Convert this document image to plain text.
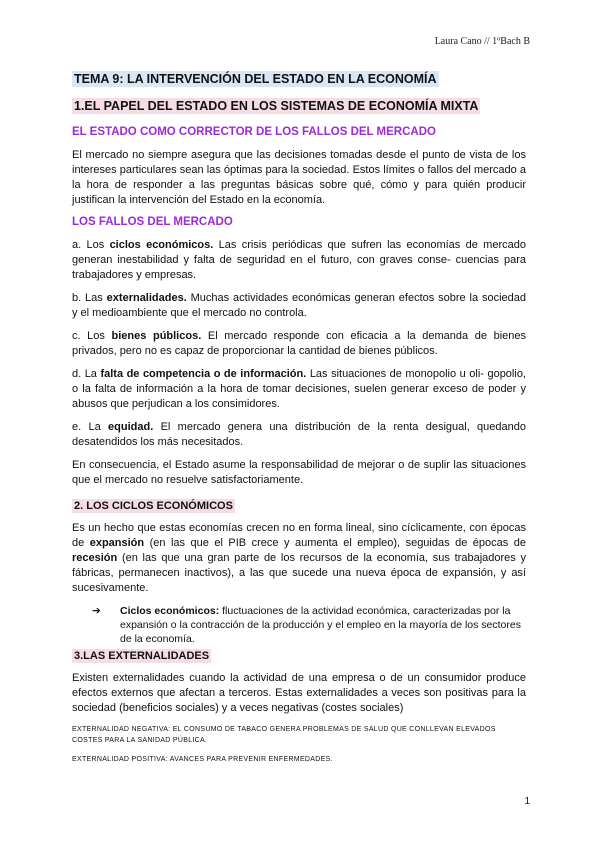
Laura Cano // 1ºBach B
TEMA 9: LA INTERVENCIÓN DEL ESTADO EN LA ECONOMÍA 1.EL PAPEL DEL ESTADO EN LOS SISTEMAS DE ECONOMÍA MIXTA
EL ESTADO COMO CORRECTOR DE LOS FALLOS DEL MERCADO

El mercado no siempre asegura que las decisiones tomadas desde el punto de vista de los intereses particulares sean las óptimas para la sociedad. Estos límites o fallos del mercado a la hora de responder a las preguntas básicas sobre qué, cómo y para quién producir justifican la intervención del Estado en la economía.

LOS FALLOS DEL MERCADO

a. Los ciclos económicos. Las crisis periódicas que sufren las economías de mercado generan inestabilidad y falta de seguridad en el futuro, con graves conse- cuencias para trabajadores y empresas.

b. Las externalidades. Muchas actividades económicas generan efectos sobre la sociedad y el medioambiente que el mercado no controla.

c. Los bienes públicos. El mercado responde con eficacia a la demanda de bienes privados, pero no es capaz de proporcionar la cantidad de bienes públicos.

d. La falta de competencia o de información. Las situaciones de monopolio u oli- gopolio, o la falta de información a la hora de tomar decisiones, suelen generar exceso de poder y abusos que perjudican a los consimidores.

e. La equidad. El mercado genera una distribución de la renta desigual, quedando desatendidos los más necesitados.

En consecuencia, el Estado asume la responsabilidad de mejorar o de suplir las situaciones que el mercado no resuelve satisfactoriamente.

2. LOS CICLOS ECONÓMICOS

Es un hecho que estas economías crecen no en forma lineal, sino cíclicamente, con épocas de expansión (en las que el PIB crece y aumenta el empleo), seguidas de épocas de recesión (en las que una gran parte de los recursos de la economía, sus trabajadores y fábricas, permanecen inactivos), a las que sucede una nueva época de expansión, y así sucesivamente.

➔ Ciclos económicos: fluctuaciones de la actividad económica, caracterizadas por la expansión o la contracción de la producción y el empleo en la mayoría de los sectores de la economía.
3.LAS EXTERNALIDADES

Existen externalidades cuando la actividad de una empresa o de un consumidor produce efectos externos que afectan a terceros. Estas externalidades a veces son positivas para la sociedad (beneficios sociales) y a veces negativas (costes sociales)

EXTERNALIDAD NEGATIVA: EL CONSUMO DE TABACO GENERA PROBLEMAS DE SALUD QUE CONLLEVAN ELEVADOS COSTES PARA LA SANIDAD PÚBLICA.
EXTERNALIDAD POSITIVA: AVANCES PARA PREVENIR ENFERMEDADES.
1
